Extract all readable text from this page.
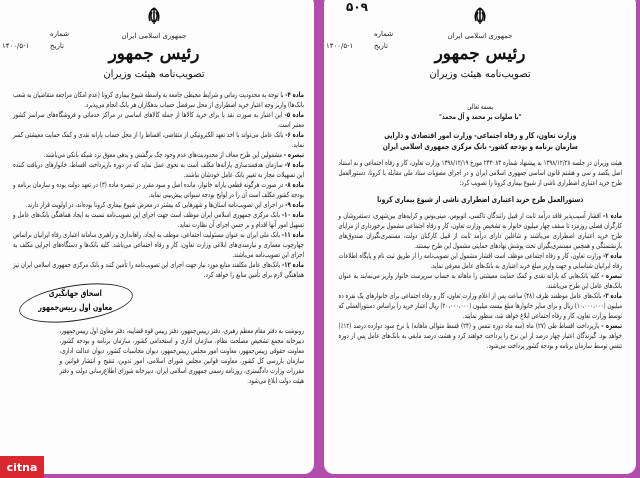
جمهوری اسلامی ایران
رئیس جمهور
تصویب‌نامه هیئت وزیران
۱۴۰۰/۵-۱
شماره
تاریخ

ماده ۴- با توجه به محدودیت زمانی و شرایط محیطی جامعه به واسطه شیوع بیماری کرونا (عدم امکان مراجعه متقاضیان به شعب بانک‌ها) واریز وجه اعتبار خرید اضطراری از محل سرفصل حساب بدهکاران هر بانک انجام می‌پذیرد.

ماده ۵- این اعتبار به صورت نقد یا برای خرید کالاها از جمله کالاهای اساسی در مراکز خدماتی و فروشگاه‌های سراسر کشور معتبر است.

ماده ۶- بانک عامل می‌تواند با اخذ تعهد الکترونیکی از متقاضی، اقساط را از محل حساب یارانه نقدی و کمک حمایت معیشتی کسر نماید.

تبصره - مشمولین این طرح معاف از محدودیت‌های عدم وجود چک برگشتی و بدهی معوق نزد شبکه بانکی می‌باشند.

ماده ۷- سازمان هدفمندسازی یارانه‌ها مکلف است به نحوی عمل نماید که در دوره بازپرداخت اقساط، خانوارهای دریافت کننده این تسهیلات مجاز به تغییر بانک عامل خودشان نباشند.

ماده ۸- در صورت هرگونه قطعی یارانه خانوار، مانده اصل و سود مقرر در تبصره ماده (۳) در تعهد دولت بوده و سازمان برنامه و بودجه کشور مکلف است آن را در لوایح بودجه سنواتی پیش‌بینی نماید.

ماده ۹- در اجرای این تصویب‌نامه استان‌ها و شهرهایی که بیشتر در معرض شیوع بیماری کرونا بوده‌اند، در اولویت قرار دارند.

ماده ۱۰- بانک مرکزی جمهوری اسلامی ایران موظف است جهت اجرای این تصویب‌نامه نسبت به ایجاد هماهنگی بانک‌های عامل و تسهیل امور آنها اقدام و بر حسن اجرای آن نظارت نماید.

ماده ۱۱- بانک ملی ایران به عنوان مسئولیت اجتماعی، موظف به ایجاد، راهاندازی و راهبری سامانه اعتباری رفاه ایرانیان براساس چهارچوب معماری و نیازمندی‌های ابلاغی وزارت تعاون، کار و رفاه اجتماعی می‌باشد. کلیه بانک‌ها و دستگاه‌های اجرایی مکلف به اجرای این تصویب‌نامه می‌باشند.

ماده ۱۲- بانک‌های عامل مکلفند منابع مورد نیاز جهت اجرای این تصویب‌نامه را تأمین کنند و بانک مرکزی جمهوری اسلامی ایران نیز هماهنگی لازم برای تأمین منابع را خواهد کرد.

اسحاق جهانگیری
معاون اول رییس‌جمهور

رونوشت به دفتر مقام معظم رهبری، دفتر رییس‌جمهور، دفتر رییس قوه قضاییه، دفتر معاون اول رییس‌جمهور، دبیرخانه مجمع تشخیص مصلحت نظام، سازمان اداری و استخدامی کشور، سازمان برنامه و بودجه کشور، معاونت حقوقی رییس‌جمهور، معاونت امور مجلس رییس‌جمهور، دیوان محاسبات کشور، دیوان عدالت اداری، سازمان بازرسی کل کشور، معاونت قوانین مجلس شورای اسلامی، امور تدوین، تنقیح و انتشار قوانین و مقررات وزارت دادگستری، روزنامه رسمی جمهوری اسلامی ایران، دبیرخانه شورای اطلاع‌رسانی دولت و دفتر هیئت دولت ابلاغ می‌شود.

۵۰۹
جمهوری اسلامی ایران
رئیس جمهور
تصویب‌نامه هیئت وزیران
۱۴۰۰/۵-۱
شماره
تاریخ

بسمه تعالی

"با صلوات بر محمد و آل محمد"

وزارت تعاون، کار و رفاه اجتماعی- وزارت امور اقتصادی و دارایی

سازمان برنامه و بودجه کشور- بانک مرکزی جمهوری اسلامی ایران

هیئت وزیران در جلسه ۱۳۹۸/۱۲/۲۸ به پیشنهاد شماره ۲۴۳۰۸۳ مورخ ۱۳۹۸/۱۲/۱۹ وزارت تعاون، کار و رفاه اجتماعی و به استناد اصل یکصد و سی و هشتم قانون اساسی جمهوری اسلامی ایران و در اجرای مصوبات ستاد ملی مقابله با کرونا، دستورالعمل طرح خرید اعتباری اضطراری ناشی از شیوع بیماری کرونا را تصویب کرد:

دستورالعمل طرح خرید اعتباری اضطراری ناشی از شیوع بیماری کرونا

ماده ۱- اقشار آسیب‌پذیر فاقد درآمد ثابت از قبیل رانندگان تاکسی، اتوبوس، مینی‌بوس و کرایه‌های بین‌شهری، دستفروشان و کارگران فصلی روزمزد تا سقف چهار میلیون خانوار به تشخیص وزارت تعاون، کار و رفاه اجتماعی مشمول برخورداری از مزایای طرح خرید اعتباری اضطراری می‌باشند و شاغلین دارای درآمد ثابت از قبیل کارکنان دولت، مستمری‌بگیران صندوق‌های بازنشستگی و همچنین مستمری‌بگیران تحت پوشش نهادهای حمایتی مشمول این طرح نیستند.

ماده ۲- وزارت تعاون، کار و رفاه اجتماعی موظف است اقشار مشمول این تصویب‌نامه را از طریق ثبت نام و پایگاه اطلاعات رفاه ایرانیان شناسایی و جهت واریز مبلغ خرید اعتباری به بانک‌های عامل معرفی نماید.

تبصره - کلیه بانک‌هایی که یارانه نقدی و کمک حمایت معیشتی را ماهانه به حساب سرپرست خانوار واریز می‌نمایند به عنوان بانک‌های عامل این طرح می‌باشند.

ماده ۳- بانک‌های عامل موظفند ظرف (۴۸) ساعت پس از اعلام وزارت تعاون، کار و رفاه اجتماعی برای خانوارهای یک نفره ده میلیون (۱۰،۰۰۰،۰۰۰) ریال و برای سایر خانوارها مبلغ بیست میلیون (۲۰،۰۰۰،۰۰۰) ریال اعتبار خرید را براساس دستورالعملی که توسط وزارت تعاون، کار و رفاه اجتماعی ابلاغ خواهد شد، منظور نمایند.

تبصره - بازپرداخت اقساط طی (۲۷) ماه (سه ماه دوره تنفس و (۲۴) قسط متوالی ماهانه) با نرخ سود دوازده درصد (۱۲٪) خواهد بود. گیرندگان اعتبار چهار درصد از این نرخ را پرداخت خواهند کرد و هشت درصد مابقی به بانک‌های عامل پس از دوره تنفس توسط سازمان برنامه و بودجه کشور پرداخت می‌شود.

citna
